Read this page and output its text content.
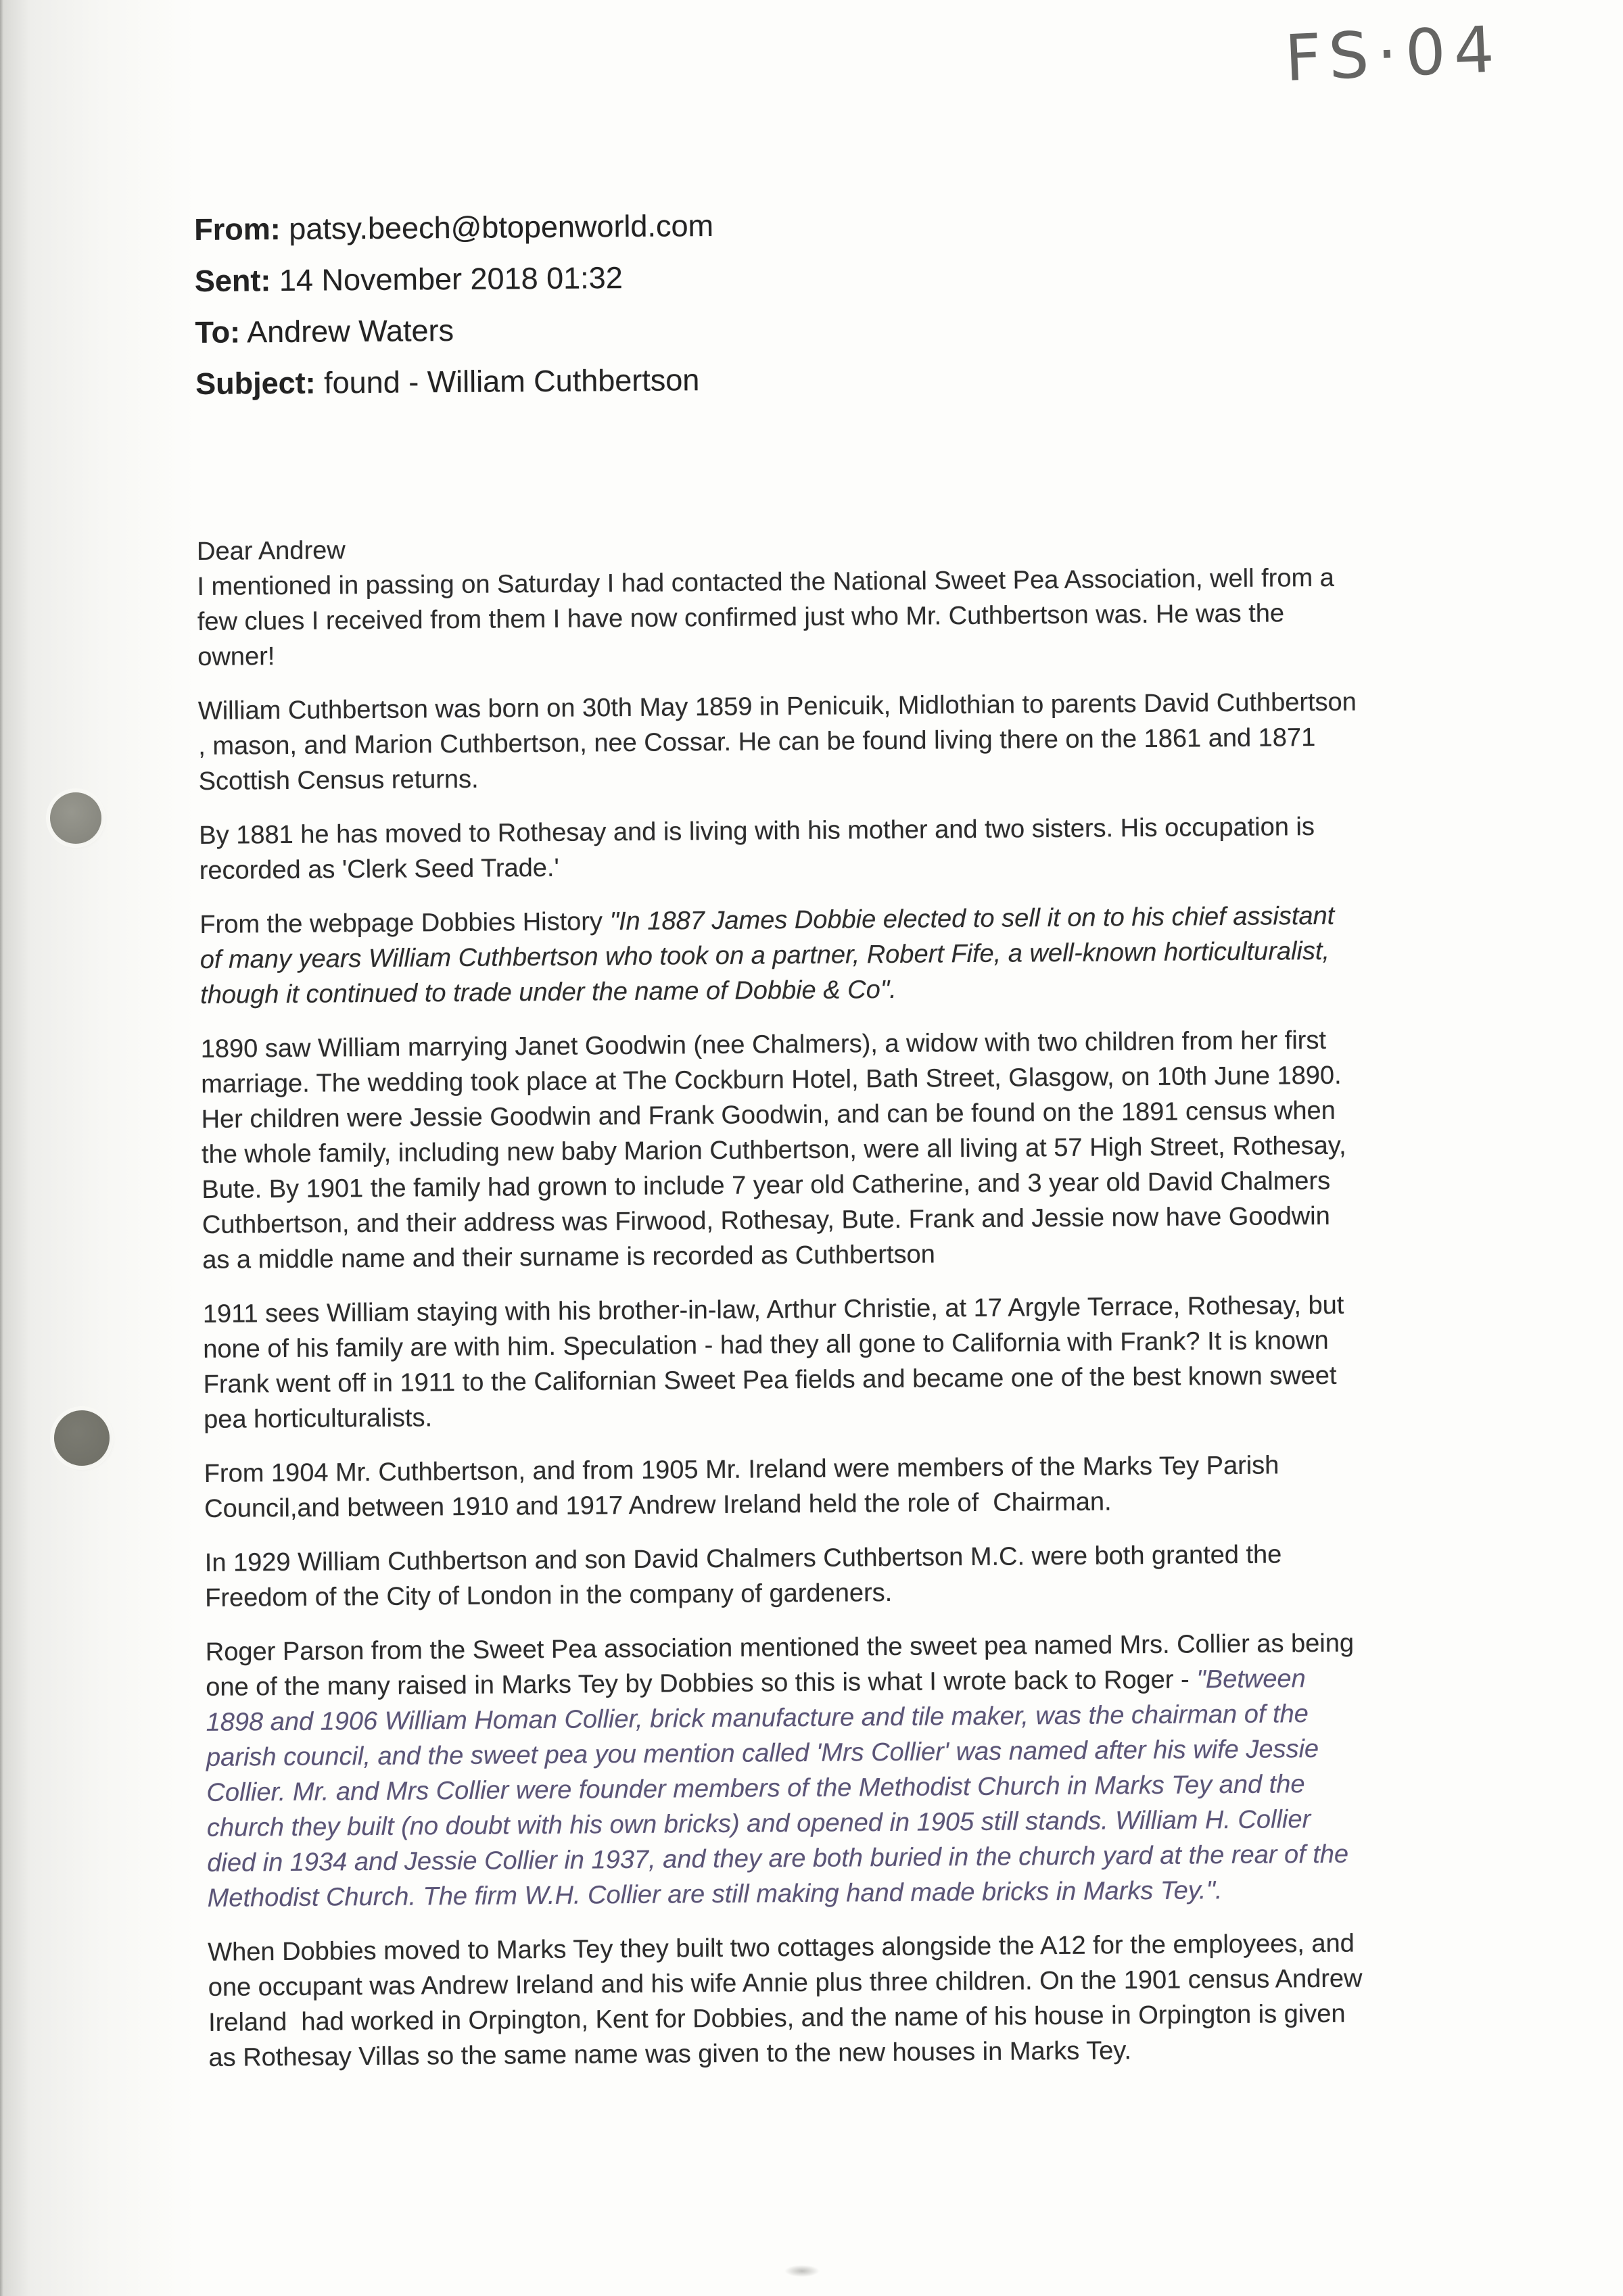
FS·04
From: patsy.beech@btopenworld.com
Sent: 14 November 2018 01:32
To: Andrew Waters
Subject: found - William Cuthbertson

Dear Andrew
I mentioned in passing on Saturday I had contacted the National Sweet Pea Association, well from a
few clues I received from them I have now confirmed just who Mr. Cuthbertson was. He was the
owner!

William Cuthbertson was born on 30th May 1859 in Penicuik, Midlothian to parents David Cuthbertson
, mason, and Marion Cuthbertson, nee Cossar. He can be found living there on the 1861 and 1871
Scottish Census returns.

By 1881 he has moved to Rothesay and is living with his mother and two sisters. His occupation is
recorded as 'Clerk Seed Trade.'

From the webpage Dobbies History "In 1887 James Dobbie elected to sell it on to his chief assistant
of many years William Cuthbertson who took on a partner, Robert Fife, a well-known horticulturalist,
though it continued to trade under the name of Dobbie & Co".

1890 saw William marrying Janet Goodwin (nee Chalmers), a widow with two children from her first
marriage. The wedding took place at The Cockburn Hotel, Bath Street, Glasgow, on 10th June 1890.
Her children were Jessie Goodwin and Frank Goodwin, and can be found on the 1891 census when
the whole family, including new baby Marion Cuthbertson, were all living at 57 High Street, Rothesay,
Bute. By 1901 the family had grown to include 7 year old Catherine, and 3 year old David Chalmers
Cuthbertson, and their address was Firwood, Rothesay, Bute. Frank and Jessie now have Goodwin
as a middle name and their surname is recorded as Cuthbertson

1911 sees William staying with his brother-in-law, Arthur Christie, at 17 Argyle Terrace, Rothesay, but
none of his family are with him. Speculation - had they all gone to California with Frank? It is known
Frank went off in 1911 to the Californian Sweet Pea fields and became one of the best known sweet
pea horticulturalists.

From 1904 Mr. Cuthbertson, and from 1905 Mr. Ireland were members of the Marks Tey Parish
Council,and between 1910 and 1917 Andrew Ireland held the role of  Chairman.

In 1929 William Cuthbertson and son David Chalmers Cuthbertson M.C. were both granted the
Freedom of the City of London in the company of gardeners.

Roger Parson from the Sweet Pea association mentioned the sweet pea named Mrs. Collier as being
one of the many raised in Marks Tey by Dobbies so this is what I wrote back to Roger - "Between
1898 and 1906 William Homan Collier, brick manufacture and tile maker, was the chairman of the
parish council, and the sweet pea you mention called 'Mrs Collier' was named after his wife Jessie
Collier. Mr. and Mrs Collier were founder members of the Methodist Church in Marks Tey and the
church they built (no doubt with his own bricks) and opened in 1905 still stands. William H. Collier
died in 1934 and Jessie Collier in 1937, and they are both buried in the church yard at the rear of the
Methodist Church. The firm W.H. Collier are still making hand made bricks in Marks Tey.".

When Dobbies moved to Marks Tey they built two cottages alongside the A12 for the employees, and
one occupant was Andrew Ireland and his wife Annie plus three children. On the 1901 census Andrew
Ireland  had worked in Orpington, Kent for Dobbies, and the name of his house in Orpington is given
as Rothesay Villas so the same name was given to the new houses in Marks Tey.
